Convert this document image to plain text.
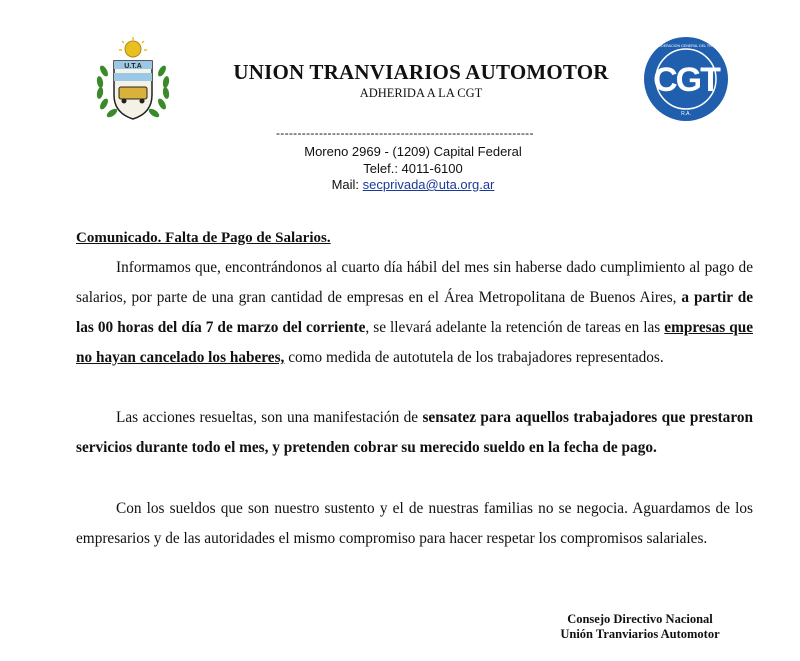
U.T.A	CGT
R.A.
CONFEDERACION GENERAL DEL TRABAJO
UNION TRANVIARIOS AUTOMOTOR
ADHERIDA A LA CGT
------------------------------------------------------------
Moreno 2969 - (1209) Capital Federal
Telef.: 4011-6100
Mail: secprivada@uta.org.ar
Comunicado. Falta de Pago de Salarios.
Informamos que, encontrándonos al cuarto día hábil del mes sin haberse dado cumplimiento al pago de salarios, por parte de una gran cantidad de empresas en el Área Metropolitana de Buenos Aires, a partir de las 00 horas del día 7 de marzo del corriente, se llevará adelante la retención de tareas en las empresas que no hayan cancelado los haberes, como medida de autotutela de los trabajadores representados.
Las acciones resueltas, son una manifestación de sensatez para aquellos trabajadores que prestaron servicios durante todo el mes, y pretenden cobrar su merecido sueldo en la fecha de pago.
Con los sueldos que son nuestro sustento y el de nuestras familias no se negocia. Aguardamos de los empresarios y de las autoridades el mismo compromiso para hacer respetar los compromisos salariales.
Consejo Directivo Nacional
Unión Tranviarios Automotor
